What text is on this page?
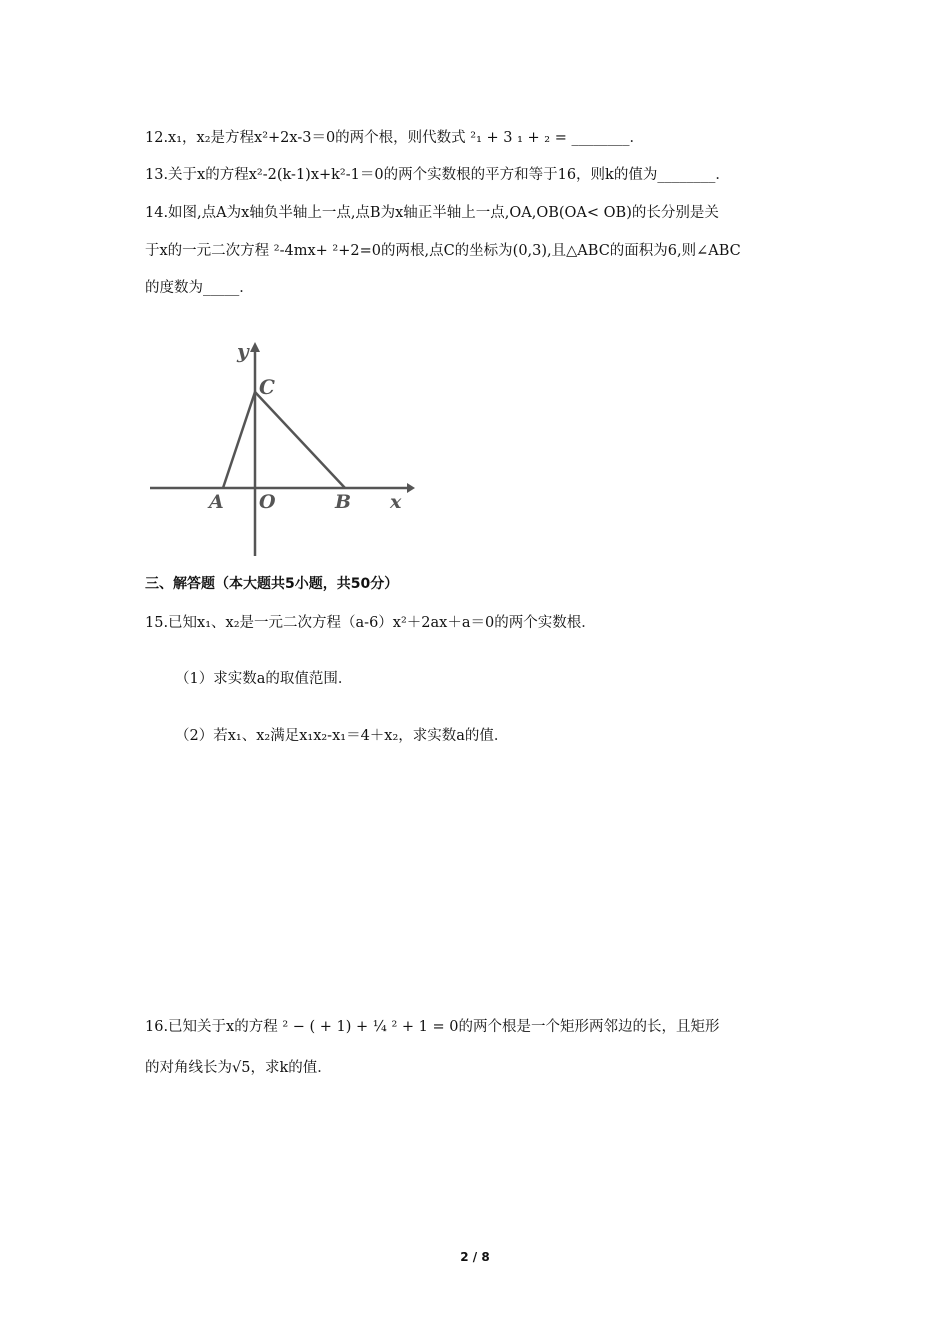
12.x₁，x₂是方程x²+2x-3＝0的两个根，则代数式 ²₁ + 3 ₁ + ₂ = ________．
13.关于x的方程x²-2(k-1)x+k²-1＝0的两个实数根的平方和等于16，则k的值为________．
14.如图,点A为x轴负半轴上一点,点B为x轴正半轴上一点,OA,OB(OA< OB)的长分别是关
于x的一元二次方程 ²-4mx+ ²+2=0的两根,点C的坐标为(0,3),且△ABC的面积为6,则∠ABC
的度数为_____．
y
C
A O	B x
三、解答题（本大题共5小题，共50分）
15.已知x₁、x₂是一元二次方程（a-6）x²＋2ax＋a＝0的两个实数根．
（1）求实数a的取值范围．
（2）若x₁、x₂满足x₁x₂-x₁＝4＋x₂，求实数a的值．
16.已知关于x的方程 ² − ( + 1) + ¼ ² + 1 = 0的两个根是一个矩形两邻边的长，且矩形
的对角线长为√5，求k的值．
2 / 8
